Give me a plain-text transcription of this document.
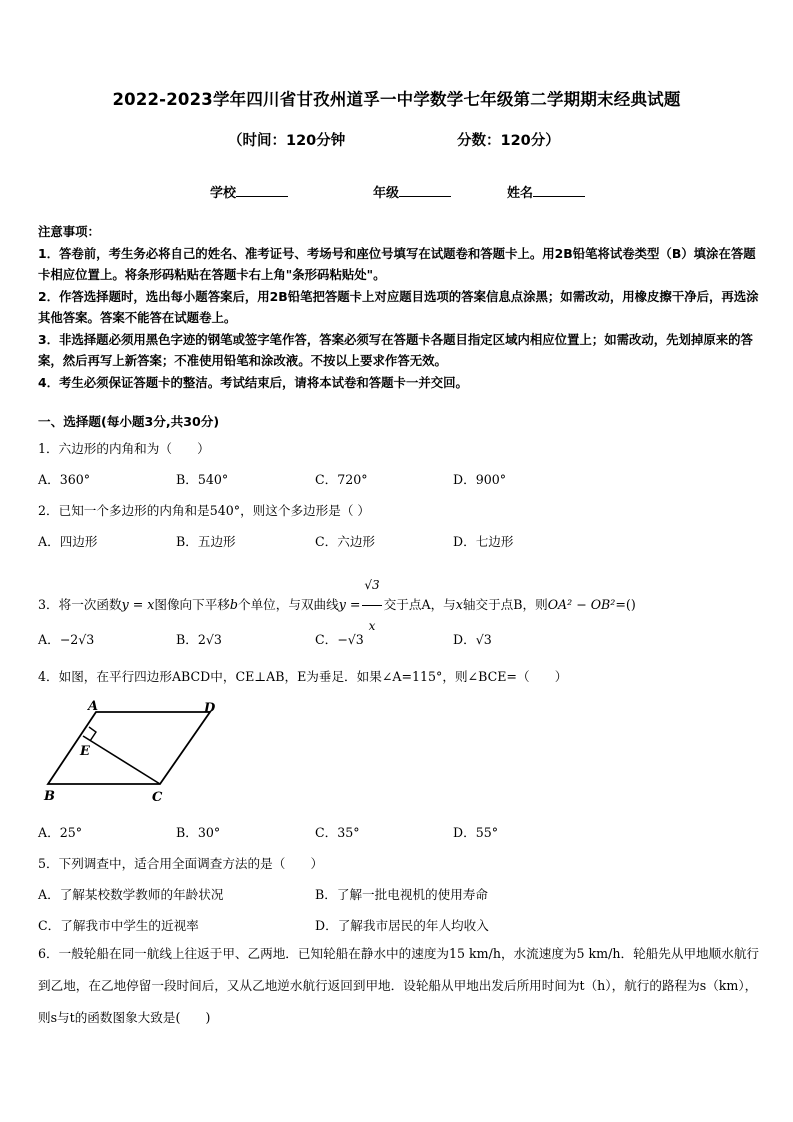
2022-2023学年四川省甘孜州道孚一中学数学七年级第二学期期末经典试题
（时间：120分钟	分数：120分）
学校	年级	姓名

注意事项：

1．答卷前，考生务必将自己的姓名、准考证号、考场号和座位号填写在试题卷和答题卡上。用2B铅笔将试卷类型（B）填涂在答题卡相应位置上。将条形码粘贴在答题卡右上角"条形码粘贴处"。

2．作答选择题时，选出每小题答案后，用2B铅笔把答题卡上对应题目选项的答案信息点涂黑；如需改动，用橡皮擦干净后，再选涂其他答案。答案不能答在试题卷上。

3．非选择题必须用黑色字迹的钢笔或签字笔作答，答案必须写在答题卡各题目指定区域内相应位置上；如需改动，先划掉原来的答案，然后再写上新答案；不准使用铅笔和涂改液。不按以上要求作答无效。

4．考生必须保证答题卡的整洁。考试结束后，请将本试卷和答题卡一并交回。

一、选择题(每小题3分,共30分)
1．六边形的内角和为（　　）
A．360°	B．540°	C．720°	D．900°
2．已知一个多边形的内角和是540°，则这个多边形是（ ）
A．四边形	B．五边形	C．六边形	D．七边形
3．将一次函数y = x图像向下平移b个单位，与双曲线$y = \frac{√3}{x}$ 交于点A，与x轴交于点B，则OA² − OB²=()
A．−2√3	B．2√3	C．−√3	D．√3
4．如图，在平行四边形ABCD中，CE⊥AB，E为垂足．如果∠A=115°，则∠BCE=（　　）
A	D
E
B	C
A．25°	B．30°	C．35°	D．55°
5．下列调查中，适合用全面调查方法的是（　　）
A．了解某校数学教师的年龄状况	B．了解一批电视机的使用寿命
C．了解我市中学生的近视率	D．了解我市居民的年人均收入
6．一般轮船在同一航线上往返于甲、乙两地．已知轮船在静水中的速度为15 km/h，水流速度为5 km/h．轮船先从甲地顺水航行到乙地，在乙地停留一段时间后，又从乙地逆水航行返回到甲地．设轮船从甲地出发后所用时间为t（h），航行的路程为s（km），则s与t的函数图象大致是(　　)
